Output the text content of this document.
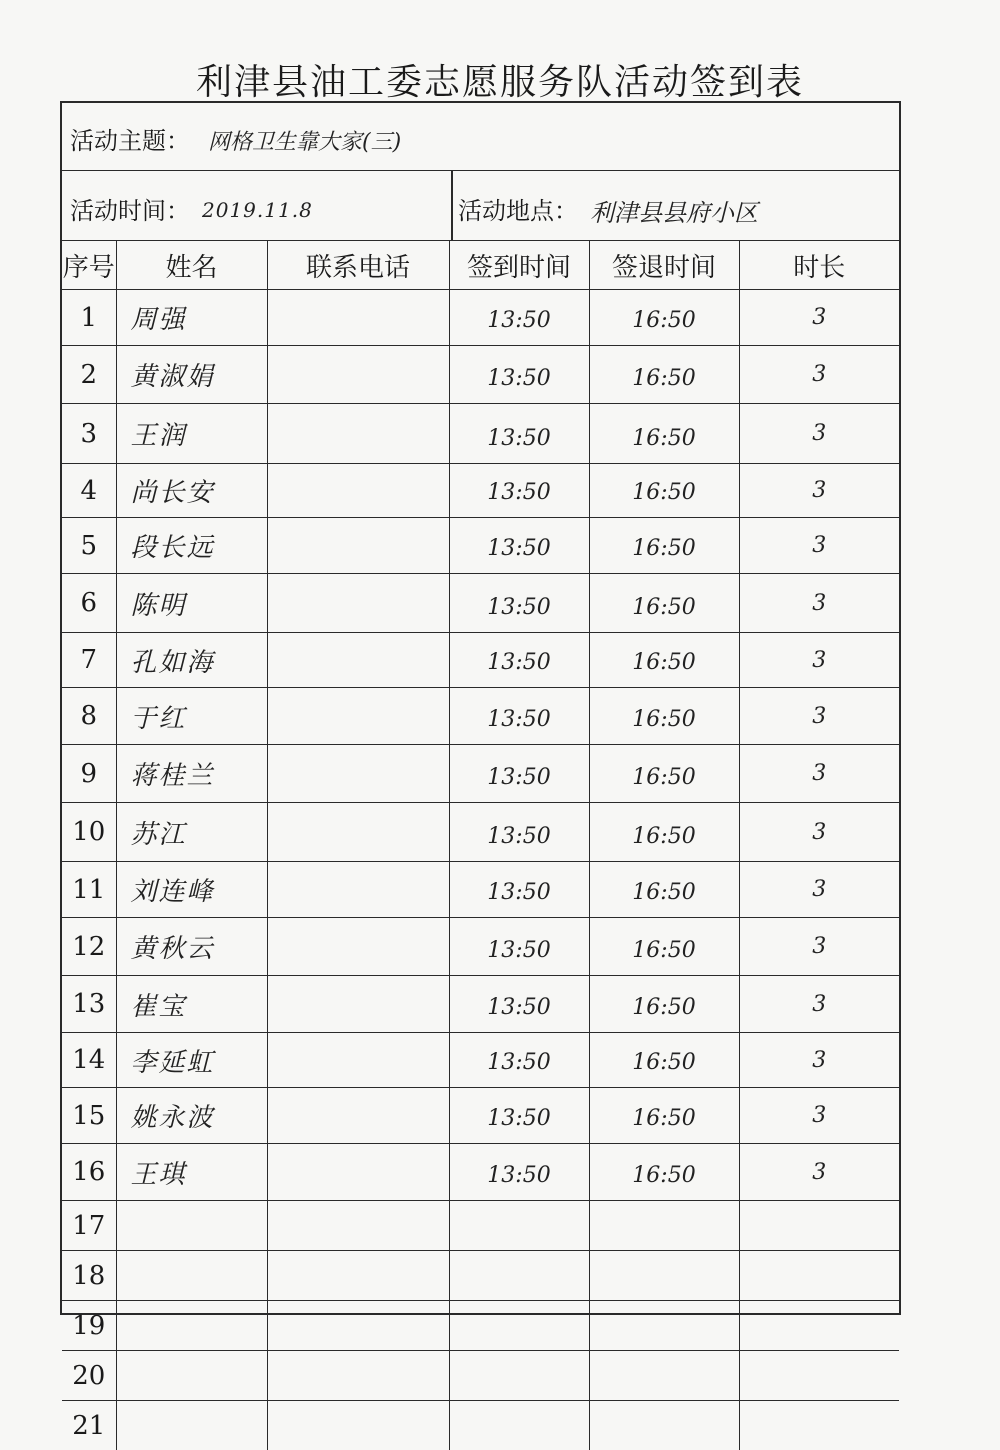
利津县油工委志愿服务队活动签到表
活动主题： 网格卫生靠大家(三)
活动时间： 2019.11.8	活动地点： 利津县县府小区
序号	姓名	联系电话	签到时间	签退时间	时长
1	周强		13:50	16:50	3
2	黄淑娟		13:50	16:50	3
3	王润		13:50	16:50	3
4	尚长安		13:50	16:50	3
5	段长远		13:50	16:50	3
6	陈明		13:50	16:50	3
7	孔如海		13:50	16:50	3
8	于红		13:50	16:50	3
9	蒋桂兰		13:50	16:50	3
10	苏江		13:50	16:50	3
11	刘连峰		13:50	16:50	3
12	黄秋云		13:50	16:50	3
13	崔宝		13:50	16:50	3
14	李延虹		13:50	16:50	3
15	姚永波		13:50	16:50	3
16	王琪		13:50	16:50	3
17					
18					
19					
20					
21					
